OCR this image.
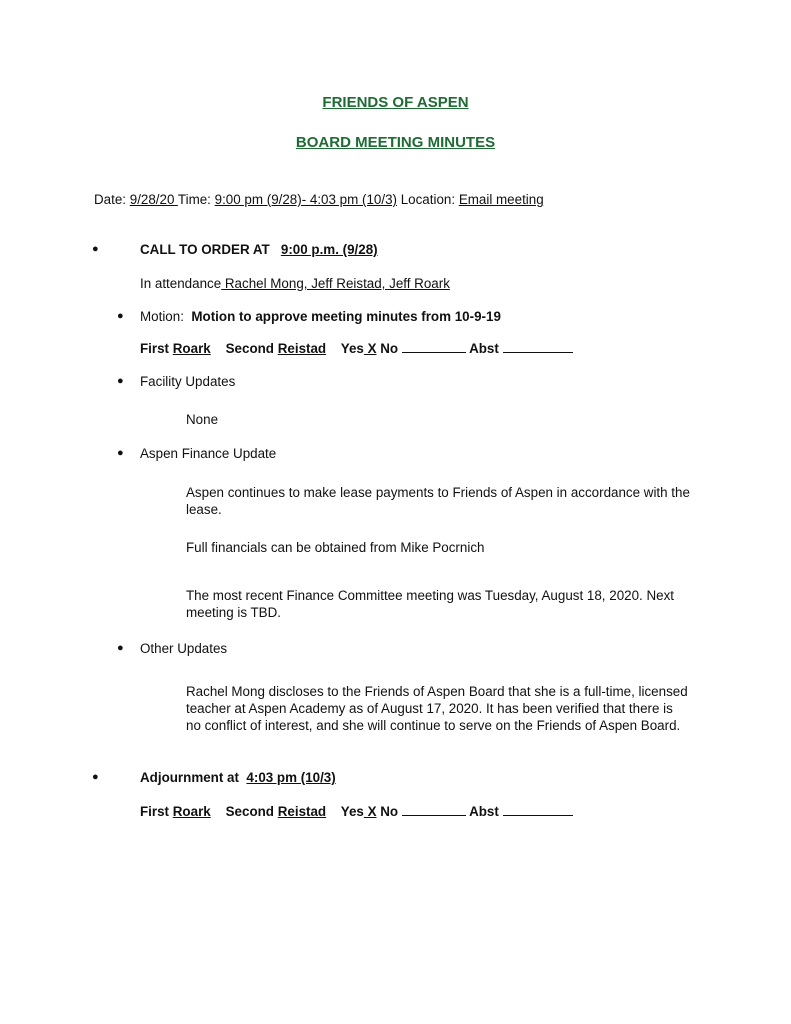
FRIENDS OF ASPEN
BOARD MEETING MINUTES
Date: 9/28/20 Time: 9:00 pm (9/28)- 4:03 pm (10/3) Location: Email meeting
●	CALL TO ORDER AT 9:00 p.m. (9/28)
In attendance Rachel Mong, Jeff Reistad, Jeff Roark
● Motion: Motion to approve meeting minutes from 10-9-19
First Roark Second Reistad Yes X No	Abst
● Facility Updates
None
● Aspen Finance Update
Aspen continues to make lease payments to Friends of Aspen in accordance with the lease.
Full financials can be obtained from Mike Pocrnich
The most recent Finance Committee meeting was Tuesday, August 18, 2020. Next meeting is TBD.
● Other Updates
Rachel Mong discloses to the Friends of Aspen Board that she is a full-time, licensed teacher at Aspen Academy as of August 17, 2020. It has been verified that there is no conflict of interest, and she will continue to serve on the Friends of Aspen Board.
●	Adjournment at 4:03 pm (10/3)
First Roark Second Reistad Yes X No	Abst
